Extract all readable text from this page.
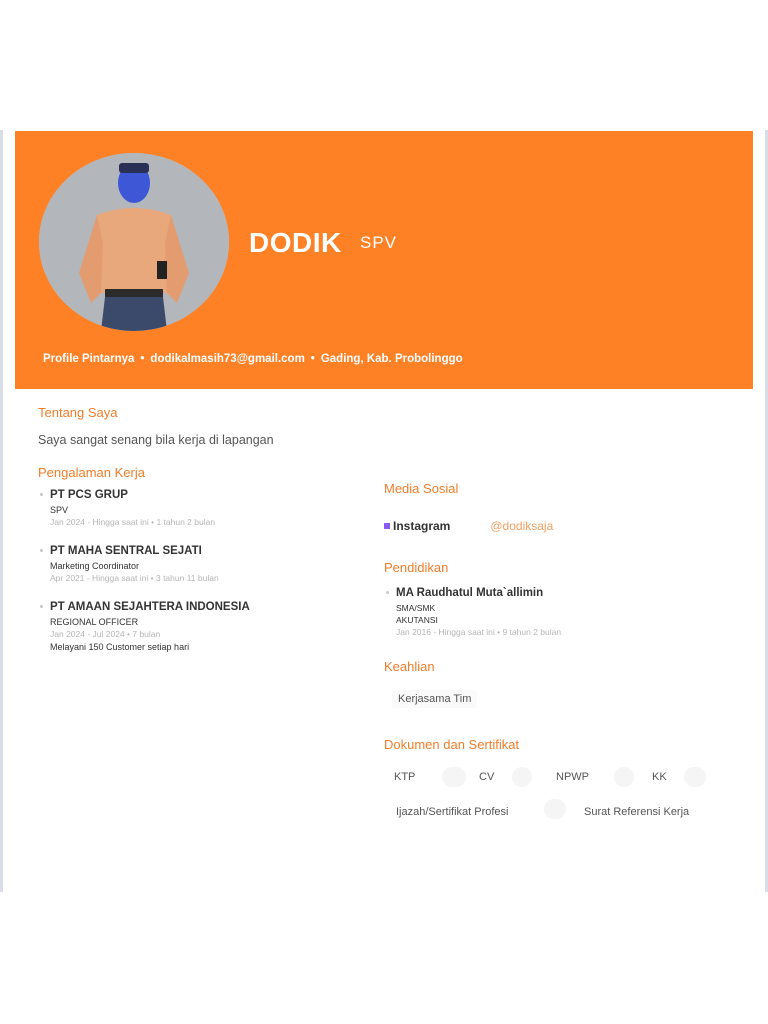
DODIK SPV
Profile Pintarnya • dodikalmasih73@gmail.com • Gading, Kab. Probolinggo
Tentang Saya
Saya sangat senang bila kerja di lapangan
Pengalaman Kerja
PT PCS GRUP
SPV
Jan 2024 - Hingga saat ini • 1 tahun 2 bulan
PT MAHA SENTRAL SEJATI
Marketing Coordinator
Apr 2021 - Hingga saat ini • 3 tahun 11 bulan
PT AMAAN SEJAHTERA INDONESIA
REGIONAL OFFICER
Jan 2024 - Jul 2024 • 7 bulan
Melayani 150 Customer setiap hari
Media Sosial
Instagram	@dodiksaja
Pendidikan
MA Raudhatul Muta`allimin
SMA/SMK
AKUTANSI
Jan 2016 - Hingga saat ini • 9 tahun 2 bulan
Keahlian
Kerjasama Tim
Dokumen dan Sertifikat
KTP	CV	NPWP	KK
Ijazah/Sertifikat Profesi	Surat Referensi Kerja
